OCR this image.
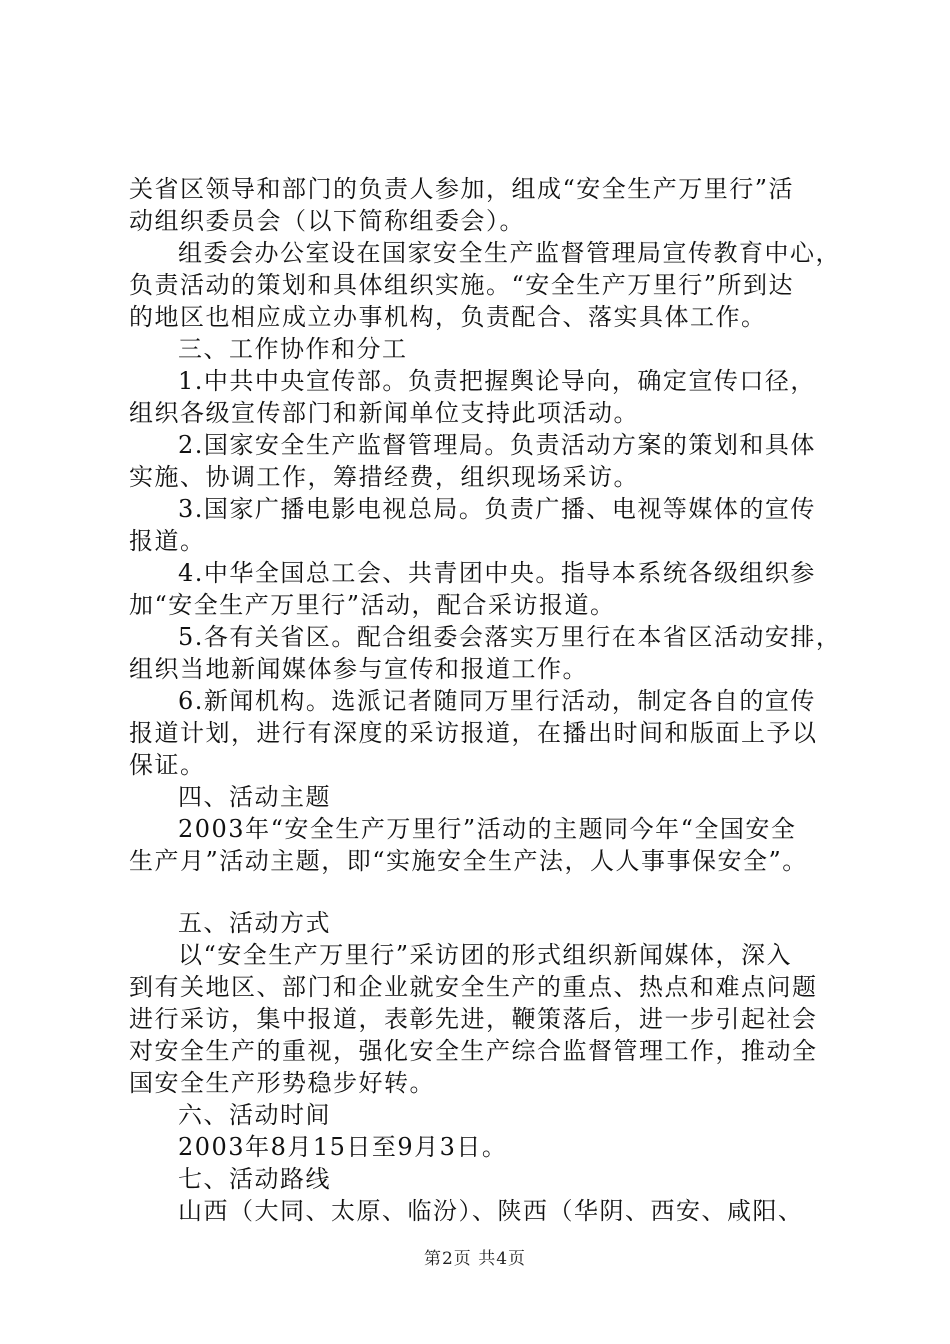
关省区领导和部门的负责人参加，组成“安全生产万里行”活
动组织委员会（以下简称组委会）。
组委会办公室设在国家安全生产监督管理局宣传教育中心，
负责活动的策划和具体组织实施。“安全生产万里行”所到达
的地区也相应成立办事机构，负责配合、落实具体工作。
三、工作协作和分工
1.中共中央宣传部。负责把握舆论导向，确定宣传口径，
组织各级宣传部门和新闻单位支持此项活动。
2.国家安全生产监督管理局。负责活动方案的策划和具体
实施、协调工作，筹措经费，组织现场采访。
3.国家广播电影电视总局。负责广播、电视等媒体的宣传
报道。
4.中华全国总工会、共青团中央。指导本系统各级组织参
加“安全生产万里行”活动，配合采访报道。
5.各有关省区。配合组委会落实万里行在本省区活动安排，
组织当地新闻媒体参与宣传和报道工作。
6.新闻机构。选派记者随同万里行活动，制定各自的宣传
报道计划，进行有深度的采访报道，在播出时间和版面上予以
保证。
四、活动主题
2003年“安全生产万里行”活动的主题同今年“全国安全
生产月”活动主题，即“实施安全生产法，人人事事保安全”。
五、活动方式
以“安全生产万里行”采访团的形式组织新闻媒体，深入
到有关地区、部门和企业就安全生产的重点、热点和难点问题
进行采访，集中报道，表彰先进，鞭策落后，进一步引起社会
对安全生产的重视，强化安全生产综合监督管理工作，推动全
国安全生产形势稳步好转。
六、活动时间
2003年8月15日至9月3日。
七、活动路线
山西（大同、太原、临汾）、陕西（华阴、西安、咸阳、
第2页 共4页
